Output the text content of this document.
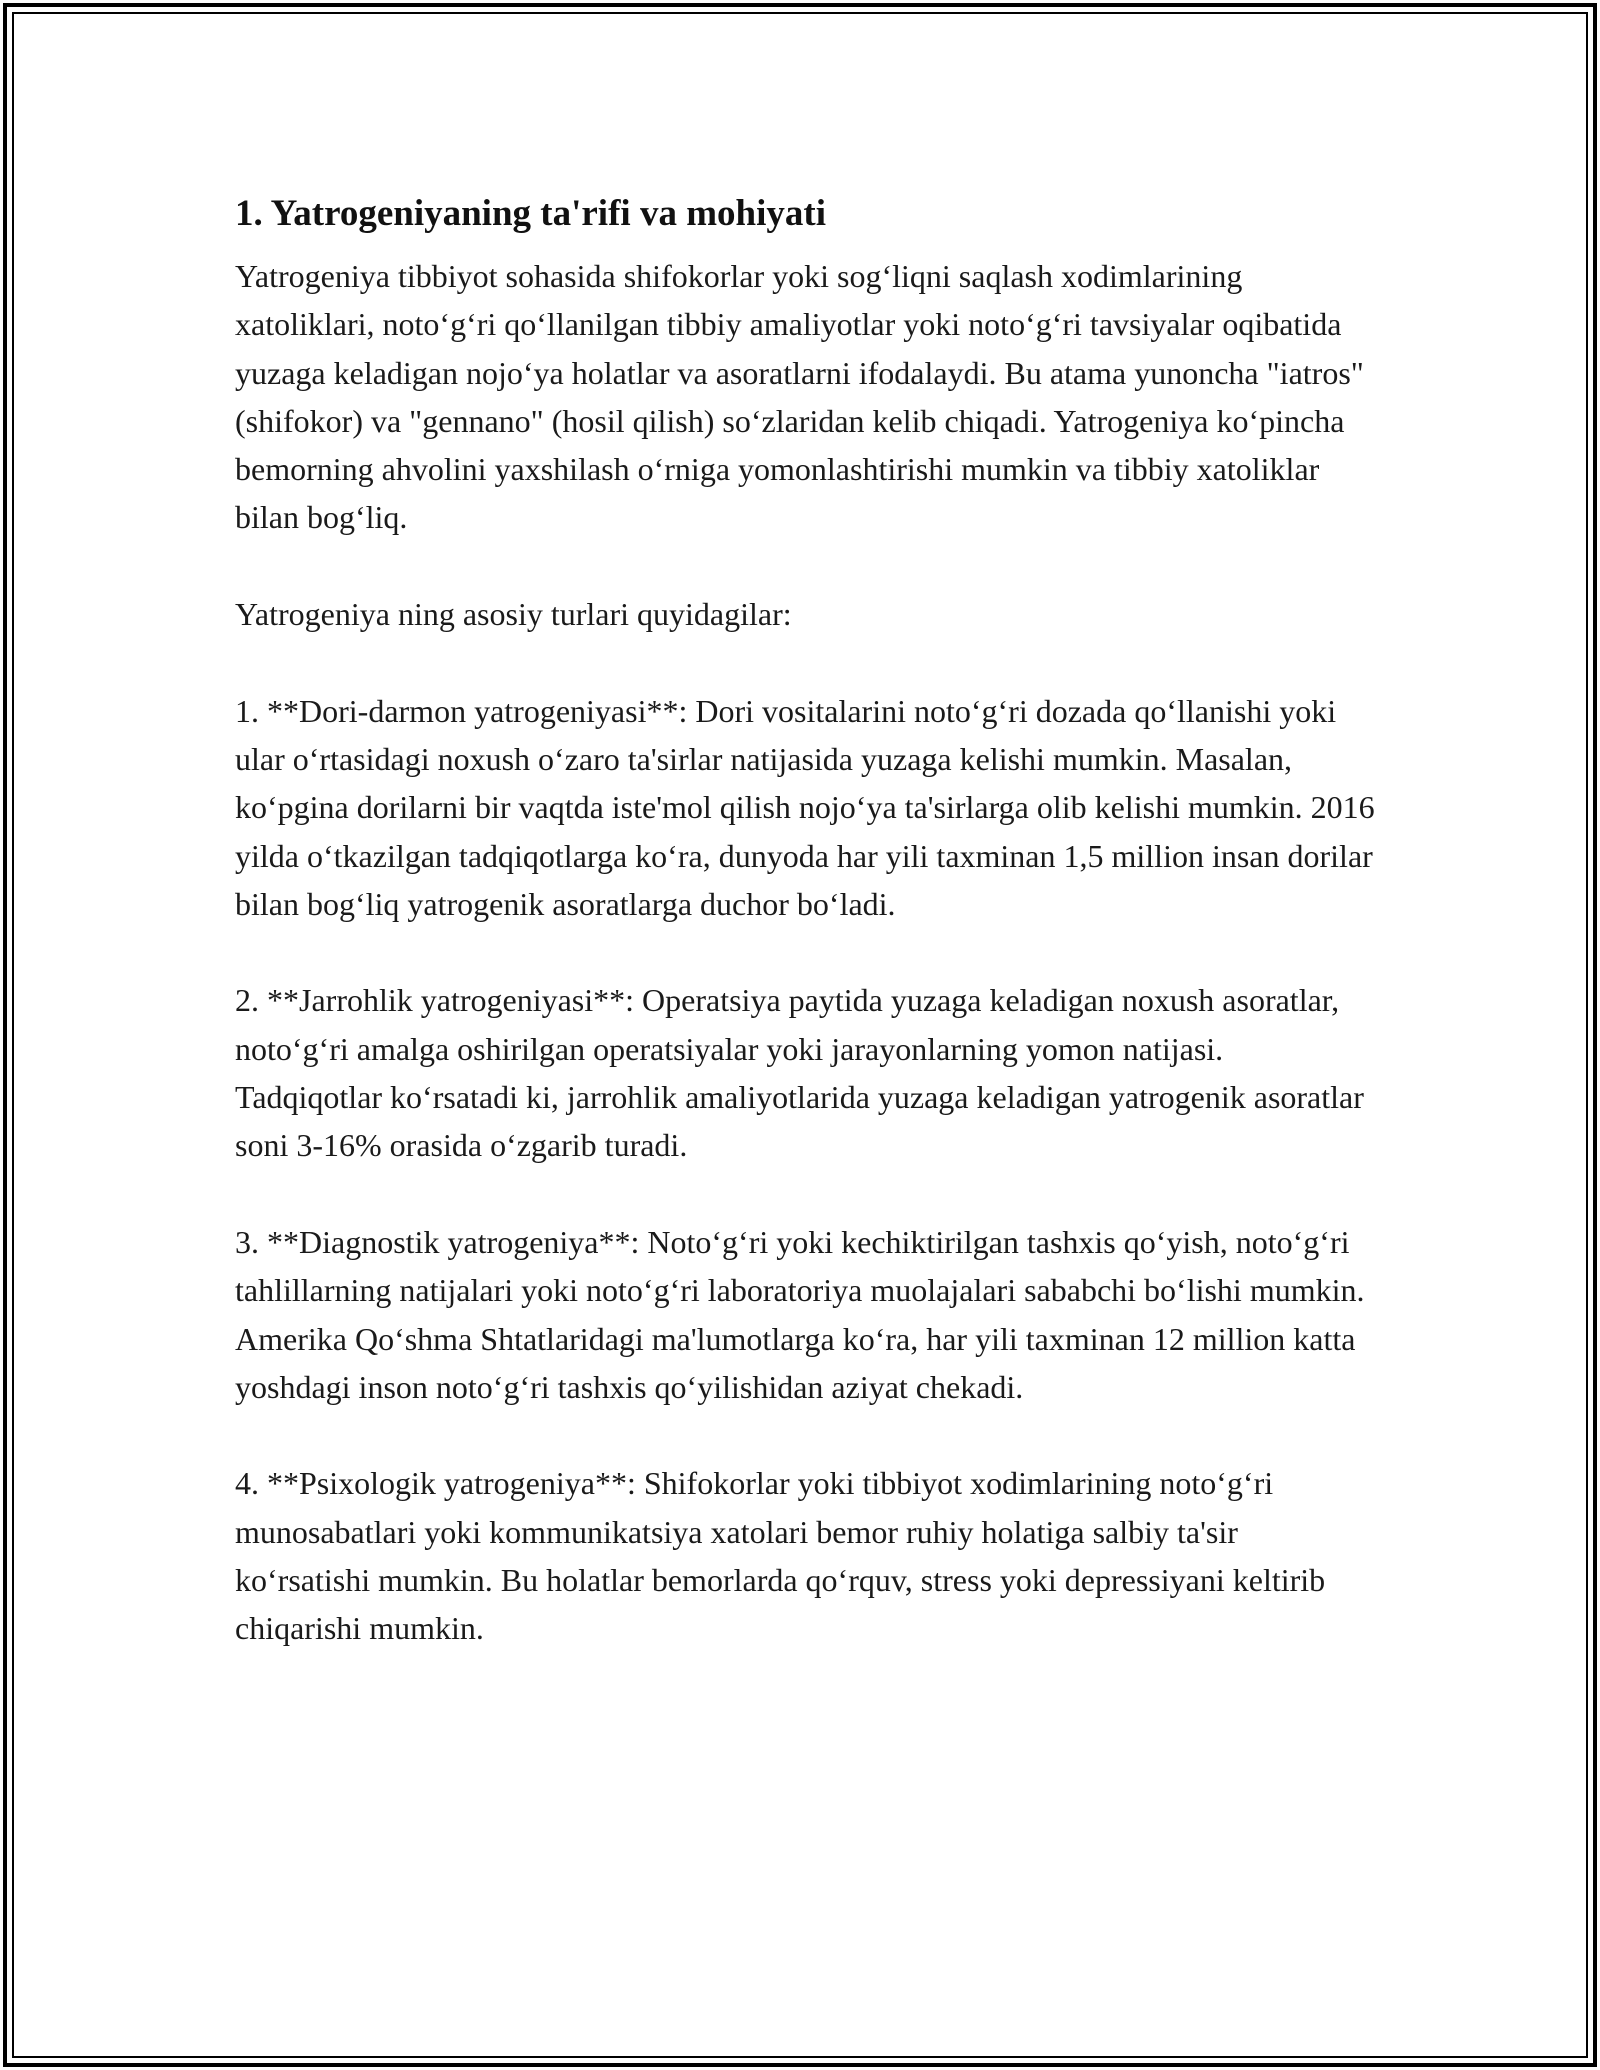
1. Yatrogeniyaning ta'rifi va mohiyati

Yatrogeniya tibbiyot sohasida shifokorlar yoki sog‘liqni saqlash xodimlarining xatoliklari, noto‘g‘ri qo‘llanilgan tibbiy amaliyotlar yoki noto‘g‘ri tavsiyalar oqibatida yuzaga keladigan nojo‘ya holatlar va asoratlarni ifodalaydi. Bu atama yunoncha "iatros" (shifokor) va "gennano" (hosil qilish) so‘zlaridan kelib chiqadi. Yatrogeniya ko‘pincha bemorning ahvolini yaxshilash o‘rniga yomonlashtirishi mumkin va tibbiy xatoliklar bilan bog‘liq.

Yatrogeniya ning asosiy turlari quyidagilar:

1. **Dori-darmon yatrogeniyasi**: Dori vositalarini noto‘g‘ri dozada qo‘llanishi yoki ular o‘rtasidagi noxush o‘zaro ta'sirlar natijasida yuzaga kelishi mumkin. Masalan, ko‘pgina dorilarni bir vaqtda iste'mol qilish nojo‘ya ta'sirlarga olib kelishi mumkin. 2016 yilda o‘tkazilgan tadqiqotlarga ko‘ra, dunyoda har yili taxminan 1,5 million insan dorilar bilan bog‘liq yatrogenik asoratlarga duchor bo‘ladi.

2. **Jarrohlik yatrogeniyasi**: Operatsiya paytida yuzaga keladigan noxush asoratlar, noto‘g‘ri amalga oshirilgan operatsiyalar yoki jarayonlarning yomon natijasi. Tadqiqotlar ko‘rsatadi ki, jarrohlik amaliyotlarida yuzaga keladigan yatrogenik asoratlar soni 3-16% orasida o‘zgarib turadi.

3. **Diagnostik yatrogeniya**: Noto‘g‘ri yoki kechiktirilgan tashxis qo‘yish, noto‘g‘ri tahlillarning natijalari yoki noto‘g‘ri laboratoriya muolajalari sababchi bo‘lishi mumkin. Amerika Qo‘shma Shtatlaridagi ma'lumotlarga ko‘ra, har yili taxminan 12 million katta yoshdagi inson noto‘g‘ri tashxis qo‘yilishidan aziyat chekadi.

4. **Psixologik yatrogeniya**: Shifokorlar yoki tibbiyot xodimlarining noto‘g‘ri munosabatlari yoki kommunikatsiya xatolari bemor ruhiy holatiga salbiy ta'sir ko‘rsatishi mumkin. Bu holatlar bemorlarda qo‘rquv, stress yoki depressiyani keltirib chiqarishi mumkin.
